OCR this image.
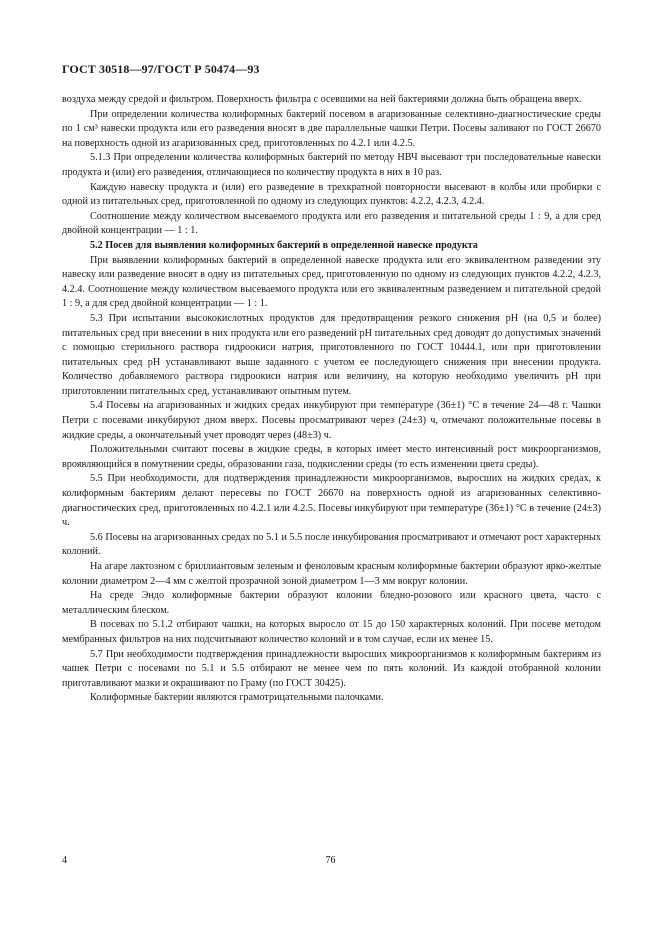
ГОСТ 30518—97/ГОСТ Р 50474—93

воздуха между средой и фильтром. Поверхность фильтра с осевшими на ней бактериями должна быть обращена вверх.

При определении количества колиформных бактерий посевом в агаризованные селективно-диагностические среды по 1 см³ навески продукта или его разведения вносят в две параллельные чашки Петри. Посевы заливают по ГОСТ 26670 на поверхность одной из агаризованных сред, приготовленных по 4.2.1 или 4.2.5.

5.1.3 При определении количества колиформных бактерий по методу НВЧ высевают три последовательные навески продукта и (или) его разведения, отличающиеся по количеству продукта в них в 10 раз.

Каждую навеску продукта и (или) его разведение в трехкратной повторности высевают в колбы или пробирки с одной из питательных сред, приготовленной по одному из следующих пунктов: 4.2.2, 4.2.3, 4.2.4.

Соотношение между количеством высеваемого продукта или его разведения и питательной среды 1 : 9, а для сред двойной концентрации — 1 : 1.

5.2 Посев для выявления колиформных бактерий в определенной навеске продукта

При выявлении колиформных бактерий в определенной навеске продукта или его эквивалентном разведении эту навеску или разведение вносят в одну из питательных сред, приготовленную по одному из следующих пунктов 4.2.2, 4.2.3, 4.2.4. Соотношение между количеством высеваемого продукта или его эквивалентным разведением и питательной средой 1 : 9, а для сред двойной концентрации — 1 : 1.

5.3 При испытании высококислотных продуктов для предотвращения резкого снижения рН (на 0,5 и более) питательных сред при внесении в них продукта или его разведений рН питательных сред доводят до допустимых значений с помощью стерильного раствора гидроокиси натрия, приготовленного по ГОСТ 10444.1, или при приготовлении питательных сред рН устанавливают выше заданного с учетом ее последующего снижения при внесении продукта. Количество добавляемого раствора гидроокиси натрия или величину, на которую необходимо увеличить рН при приготовлении питательных сред, устанавливают опытным путем.

5.4 Посевы на агаризованных и жидких средах инкубируют при температуре (36±1) °С в течение 24—48 г. Чашки Петри с посевами инкубируют дном вверх. Посевы просматривают через (24±3) ч, отмечают положительные посевы в жидкие среды, а окончательный учет проводят через (48±3) ч.

Положительными считают посевы в жидкие среды, в которых имеет место интенсивный рост микроорганизмов, вроявляющийся в помутнении среды, образовании газа, подкислении среды (то есть изменении цвета среды).

5.5 При необходимости, для подтверждения принадлежности микроорганизмов, выросших на жидких средах, к колиформным бактериям делают пересевы по ГОСТ 26670 на поверхность одной из агаризованных селективно-диагностических сред, приготовленных по 4.2.1 или 4.2.5. Посевы инкубируют при температуре (36±1) °С в течение (24±3) ч.

5.6 Посевы на агаризованных средах по 5.1 и 5.5 после инкубирования просматривают и отмечают рост характерных колоний.

На агаре лактозном с бриллиантовым зеленым и феноловым красным колиформные бактерии образуют ярко-желтые колонии диаметром 2—4 мм с желтой прозрачной зоной диаметром 1—3 мм вокруг колонии.

На среде Эндо колиформные бактерии образуют колонии бледно-розового или красного цвета, часто с металлическим блеском.

В посевах по 5.1.2 отбирают чашки, на которых выросло от 15 до 150 характерных колоний. При посеве методом мембранных фильтров на них подсчитывают количество колоний и в том случае, если их менее 15.

5.7 При необходимости подтверждения принадлежности выросших микроорганизмов к колиформным бактериям из чашек Петри с посевами по 5.1 и 5.5 отбирают не менее чем по пять колоний. Из каждой отобранной колонии приготавливают мазки и окрашивают по Граму (по ГОСТ 30425).

Колиформные бактерии являются грамотрицательными палочками.

4	76
